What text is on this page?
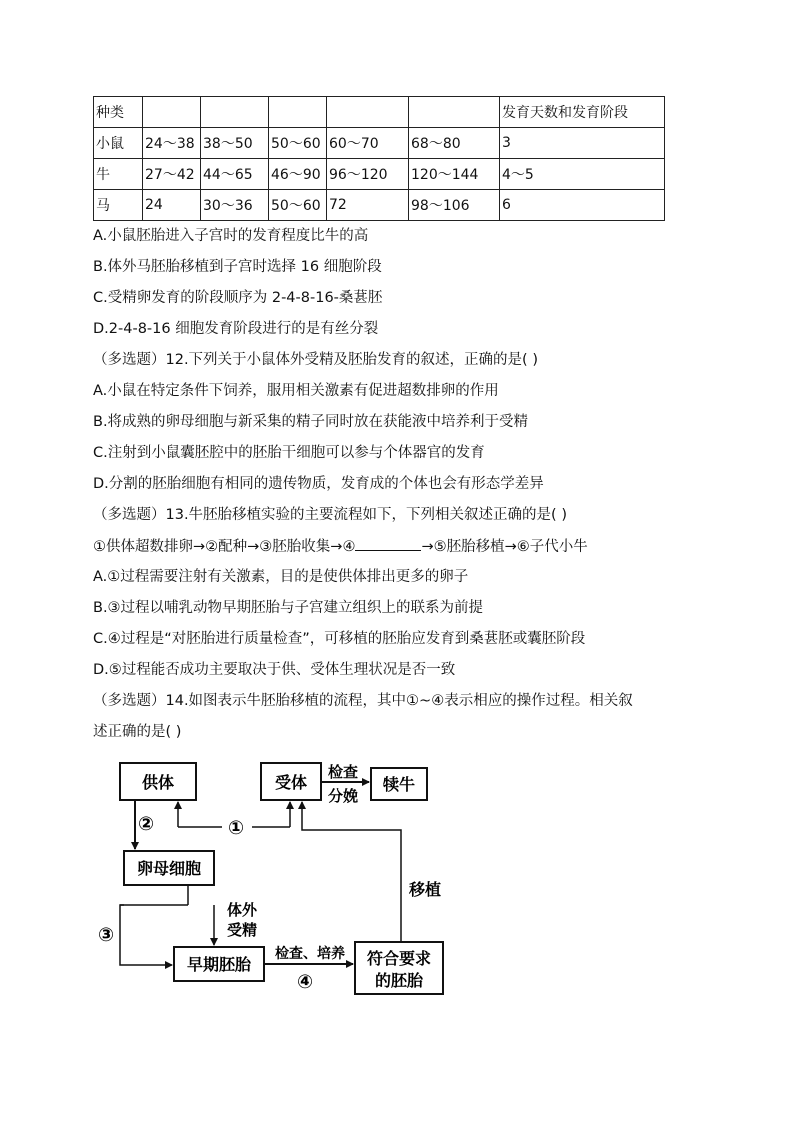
种类						发育天数和发育阶段
小鼠	24～38	38～50	50～60	60～70	68～80	3
牛	27～42	44～65	46～90	96～120	120～144	4～5
马	24	30～36	50～60	72	98～106	6
A.小鼠胚胎进入子宫时的发育程度比牛的高
B.体外马胚胎移植到子宫时选择 16 细胞阶段
C.受精卵发育的阶段顺序为 2-4-8-16-桑葚胚
D.2-4-8-16 细胞发育阶段进行的是有丝分裂
（多选题）12.下列关于小鼠体外受精及胚胎发育的叙述，正确的是( )
A.小鼠在特定条件下饲养，服用相关激素有促进超数排卵的作用
B.将成熟的卵母细胞与新采集的精子同时放在获能液中培养利于受精
C.注射到小鼠囊胚腔中的胚胎干细胞可以参与个体器官的发育
D.分割的胚胎细胞有相同的遗传物质，发育成的个体也会有形态学差异
（多选题）13.牛胚胎移植实验的主要流程如下，下列相关叙述正确的是( )
①供体超数排卵→②配种→③胚胎收集→④	→⑤胚胎移植→⑥子代小牛
A.①过程需要注射有关激素，目的是使供体排出更多的卵子
B.③过程以哺乳动物早期胚胎与子宫建立组织上的联系为前提
C.④过程是“对胚胎进行质量检查”，可移植的胚胎应发育到桑葚胚或囊胚阶段
D.⑤过程能否成功主要取决于供、受体生理状况是否一致
（多选题）14.如图表示牛胚胎移植的流程，其中①~④表示相应的操作过程。相关叙
述正确的是( )
供体	受体	犊牛
卵母细胞
早期胚胎	符合要求
的胚胎
检查
分娩
①
②
③
体外
受精
检查、培养
④
移植
